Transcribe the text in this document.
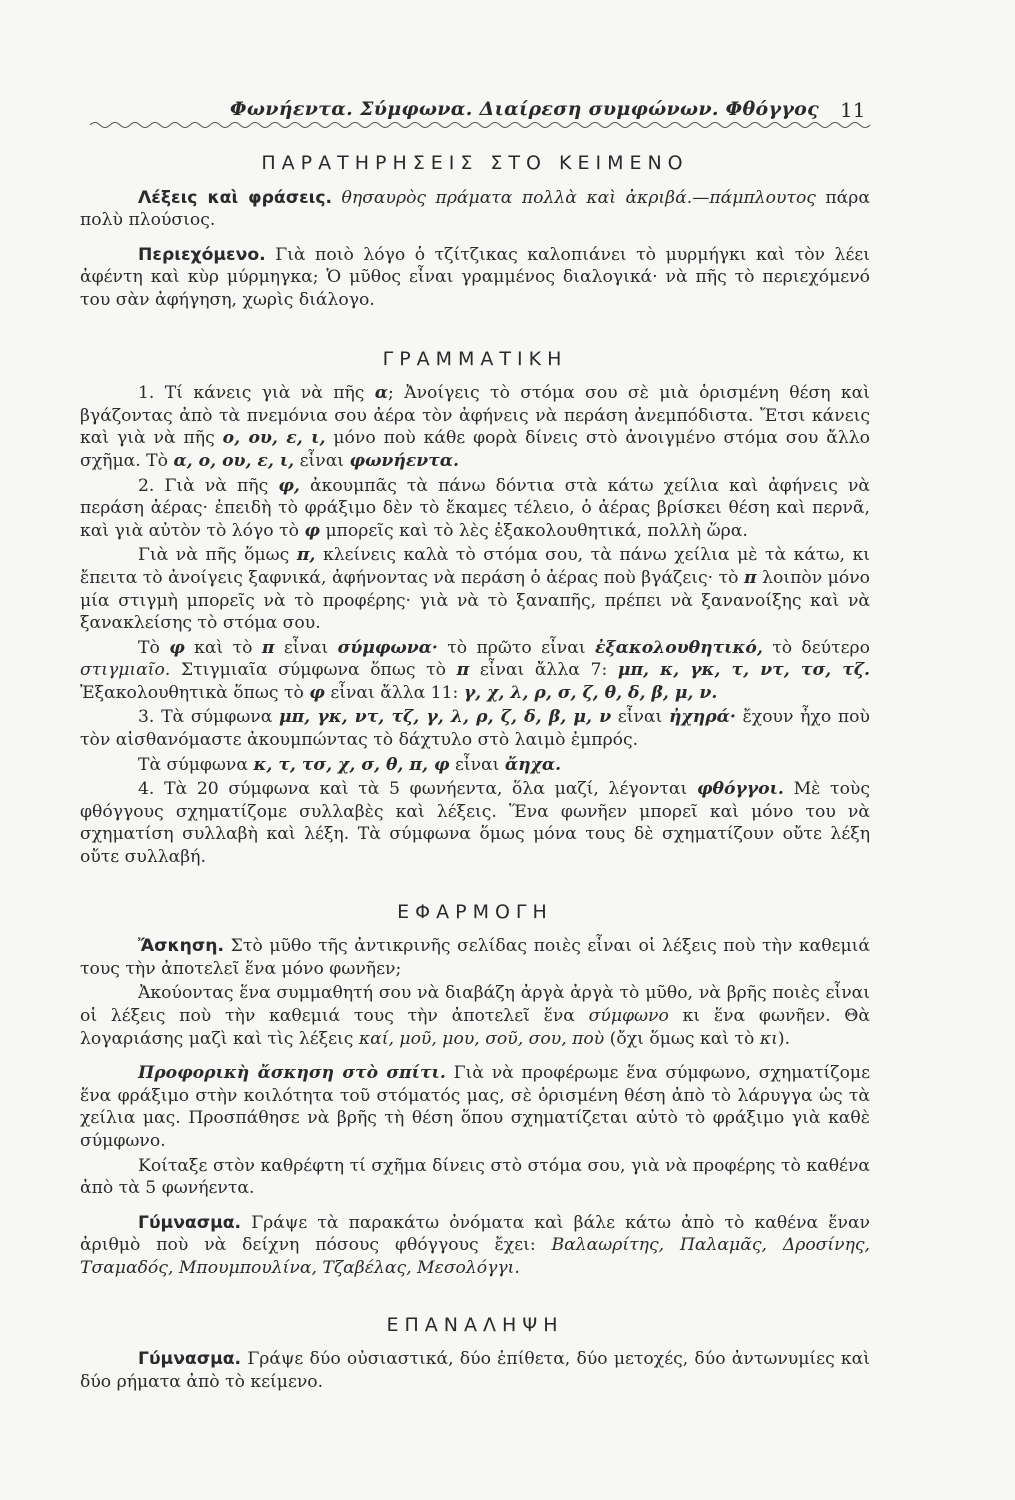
Φωνήεντα. Σύμφωνα. Διαίρεση συμφώνων. Φθόγγος 11
ΠΑΡΑΤΗΡΗΣΕΙΣ ΣΤΟ ΚΕΙΜΕΝΟ

Λέξεις καὶ φράσεις. θησαυρὸς πράματα πολλὰ καὶ ἀκριβά.—πάμπλουτος πάρα πολὺ πλούσιος.

Περιεχόμενο. Γιὰ ποιὸ λόγο ὁ τζίτζικας καλοπιάνει τὸ μυρμήγκι καὶ τὸν λέει ἀφέντη καὶ κὺρ μύρμηγκα; Ὁ μῦθος εἶναι γραμμένος διαλογικά· νὰ πῆς τὸ περιεχόμενό του σὰν ἀφήγηση, χωρὶς διάλογο.

ΓΡΑΜΜΑΤΙΚΗ

1. Τί κάνεις γιὰ νὰ πῆς α; Ἀνοίγεις τὸ στόμα σου σὲ μιὰ ὁρισμένη θέση καὶ βγάζοντας ἀπὸ τὰ πνεμόνια σου ἀέρα τὸν ἀφήνεις νὰ περάση ἀνεμπόδιστα. Ἔτσι κάνεις καὶ γιὰ νὰ πῆς ο, ου, ε, ι, μόνο ποὺ κάθε φορὰ δίνεις στὸ ἀνοιγμένο στόμα σου ἄλλο σχῆμα. Τὸ α, ο, ου, ε, ι, εἶναι φωνήεντα.

2. Γιὰ νὰ πῆς φ, ἀκουμπᾶς τὰ πάνω δόντια στὰ κάτω χείλια καὶ ἀφήνεις νὰ περάση ἀέρας· ἐπειδὴ τὸ φράξιμο δὲν τὸ ἔκαμες τέλειο, ὁ ἀέρας βρίσκει θέση καὶ περνᾶ, καὶ γιὰ αὐτὸν τὸ λόγο τὸ φ μπορεῖς καὶ τὸ λὲς ἐξακολουθητικά, πολλὴ ὥρα.

Γιὰ νὰ πῆς ὅμως π, κλείνεις καλὰ τὸ στόμα σου, τὰ πάνω χείλια μὲ τὰ κάτω, κι ἔπειτα τὸ ἀνοίγεις ξαφνικά, ἀφήνοντας νὰ περάση ὁ ἀέρας ποὺ βγάζεις· τὸ π λοιπὸν μόνο μία στιγμὴ μπορεῖς νὰ τὸ προφέρης· γιὰ νὰ τὸ ξαναπῆς, πρέπει νὰ ξανανοίξης καὶ νὰ ξανακλείσης τὸ στόμα σου.

Τὸ φ καὶ τὸ π εἶναι σύμφωνα· τὸ πρῶτο εἶναι ἐξακολουθητικό, τὸ δεύτερο στιγμιαῖο. Στιγμιαῖα σύμφωνα ὅπως τὸ π εἶναι ἄλλα 7: μπ, κ, γκ, τ, ντ, τσ, τζ. Ἐξακολουθητικὰ ὅπως τὸ φ εἶναι ἄλλα 11: γ, χ, λ, ρ, σ, ζ, θ, δ, β, μ, ν.

3. Τὰ σύμφωνα μπ, γκ, ντ, τζ, γ, λ, ρ, ζ, δ, β, μ, ν εἶναι ἠχηρά· ἔχουν ἦχο ποὺ τὸν αἰσθανόμαστε ἀκουμπώντας τὸ δάχτυλο στὸ λαιμὸ ἐμπρός.

Τὰ σύμφωνα κ, τ, τσ, χ, σ, θ, π, φ εἶναι ἄηχα.

4. Τὰ 20 σύμφωνα καὶ τὰ 5 φωνήεντα, ὅλα μαζί, λέγονται φθόγγοι. Μὲ τοὺς φθόγγους σχηματίζομε συλλαβὲς καὶ λέξεις. Ἕνα φωνῆεν μπορεῖ καὶ μόνο του νὰ σχηματίση συλλαβὴ καὶ λέξη. Τὰ σύμφωνα ὅμως μόνα τους δὲ σχηματίζουν οὔτε λέξη οὔτε συλλαβή.

ΕΦΑΡΜΟΓΗ

Ἄσκηση. Στὸ μῦθο τῆς ἀντικρινῆς σελίδας ποιὲς εἶναι οἱ λέξεις ποὺ τὴν καθεμιά τους τὴν ἀποτελεῖ ἕνα μόνο φωνῆεν;

Ἀκούοντας ἕνα συμμαθητή σου νὰ διαβάζη ἀργὰ ἀργὰ τὸ μῦθο, νὰ βρῆς ποιὲς εἶναι οἱ λέξεις ποὺ τὴν καθεμιά τους τὴν ἀποτελεῖ ἕνα σύμφωνο κι ἕνα φωνῆεν. Θὰ λογαριάσης μαζὶ καὶ τὶς λέξεις καί, μοῦ, μου, σοῦ, σου, ποὺ (ὄχι ὅμως καὶ τὸ κι).

Προφορικὴ ἄσκηση στὸ σπίτι. Γιὰ νὰ προφέρωμε ἕνα σύμφωνο, σχηματίζομε ἕνα φράξιμο στὴν κοιλότητα τοῦ στόματός μας, σὲ ὁρισμένη θέση ἀπὸ τὸ λάρυγγα ὡς τὰ χείλια μας. Προσπάθησε νὰ βρῆς τὴ θέση ὅπου σχηματίζεται αὐτὸ τὸ φράξιμο γιὰ καθὲ σύμφωνο.

Κοίταξε στὸν καθρέφτη τί σχῆμα δίνεις στὸ στόμα σου, γιὰ νὰ προφέρης τὸ καθένα ἀπὸ τὰ 5 φωνήεντα.

Γύμνασμα. Γράψε τὰ παρακάτω ὀνόματα καὶ βάλε κάτω ἀπὸ τὸ καθένα ἕναν ἀριθμὸ ποὺ νὰ δείχνη πόσους φθόγγους ἔχει: Βαλαωρίτης, Παλαμᾶς, Δροσίνης, Τσαμαδός, Μπουμπουλίνα, Τζαβέλας, Μεσολόγγι.

ΕΠΑΝΑΛΗΨΗ

Γύμνασμα. Γράψε δύο οὐσιαστικά, δύο ἐπίθετα, δύο μετοχές, δύο ἀντωνυμίες καὶ δύο ρήματα ἀπὸ τὸ κείμενο.
